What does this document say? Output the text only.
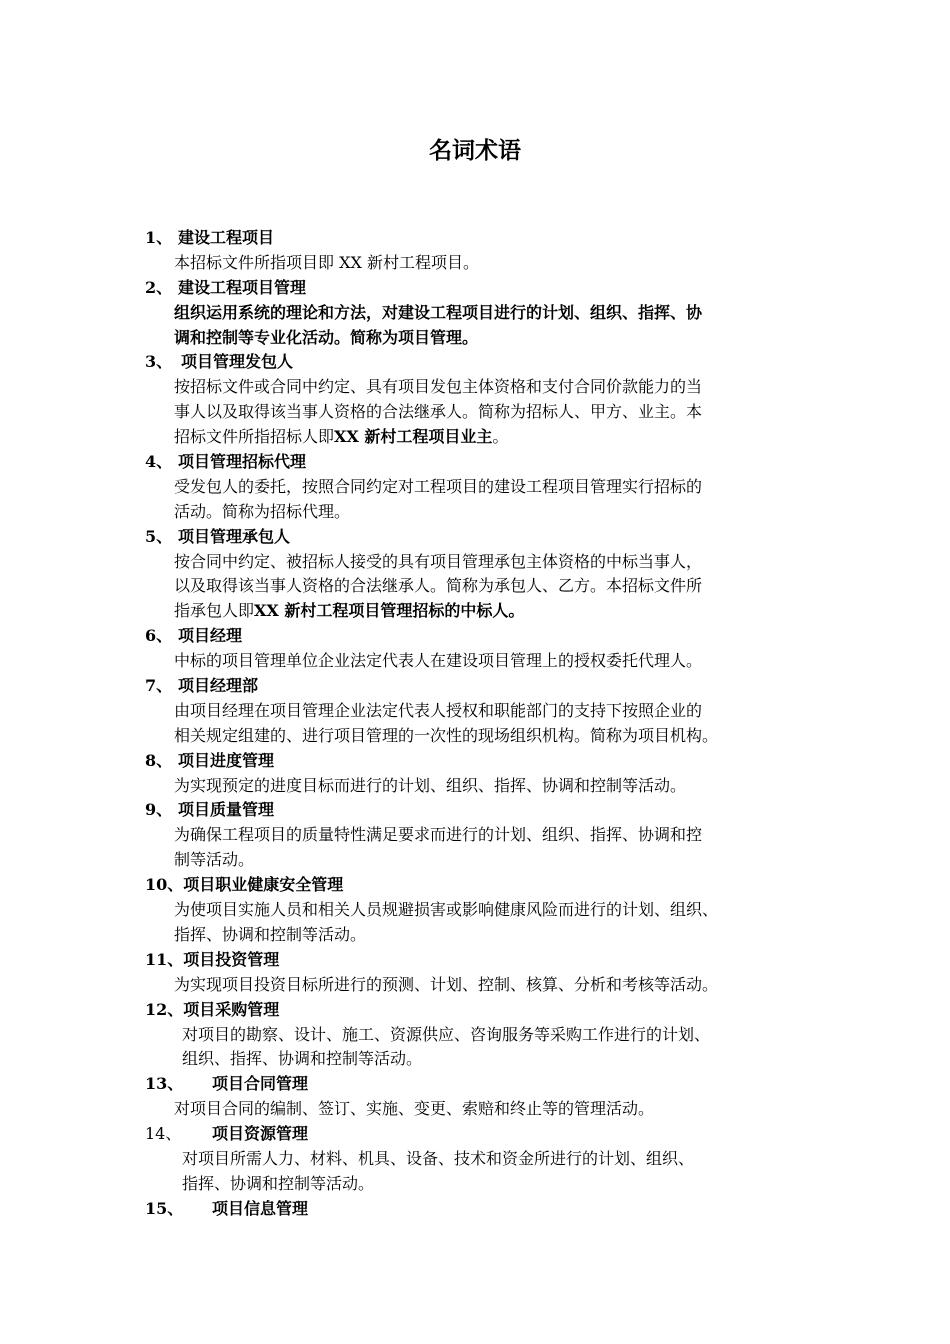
名词术语
1、 建设工程项目
本招标文件所指项目即 XX 新村工程项目。
2、 建设工程项目管理
组织运用系统的理论和方法，对建设工程项目进行的计划、组织、指挥、协
调和控制等专业化活动。简称为项目管理。
3、 项目管理发包人
按招标文件或合同中约定、具有项目发包主体资格和支付合同价款能力的当
事人以及取得该当事人资格的合法继承人。简称为招标人、甲方、业主。本
招标文件所指招标人即XX 新村工程项目业主。
4、 项目管理招标代理
受发包人的委托，按照合同约定对工程项目的建设工程项目管理实行招标的
活动。简称为招标代理。
5、 项目管理承包人
按合同中约定、被招标人接受的具有项目管理承包主体资格的中标当事人，
以及取得该当事人资格的合法继承人。简称为承包人、乙方。本招标文件所
指承包人即XX 新村工程项目管理招标的中标人。
6、 项目经理
中标的项目管理单位企业法定代表人在建设项目管理上的授权委托代理人。
7、 项目经理部
由项目经理在项目管理企业法定代表人授权和职能部门的支持下按照企业的
相关规定组建的、进行项目管理的一次性的现场组织机构。简称为项目机构。
8、 项目进度管理
为实现预定的进度目标而进行的计划、组织、指挥、协调和控制等活动。
9、 项目质量管理
为确保工程项目的质量特性满足要求而进行的计划、组织、指挥、协调和控
制等活动。
10、项目职业健康安全管理
为使项目实施人员和相关人员规避损害或影响健康风险而进行的计划、组织、
指挥、协调和控制等活动。
11、项目投资管理
为实现项目投资目标所进行的预测、计划、控制、核算、分析和考核等活动。
12、项目采购管理
对项目的勘察、设计、施工、资源供应、咨询服务等采购工作进行的计划、
组织、指挥、协调和控制等活动。
13、 项目合同管理
对项目合同的编制、签订、实施、变更、索赔和终止等的管理活动。
14、 项目资源管理
对项目所需人力、材料、机具、设备、技术和资金所进行的计划、组织、
指挥、协调和控制等活动。
15、 项目信息管理
